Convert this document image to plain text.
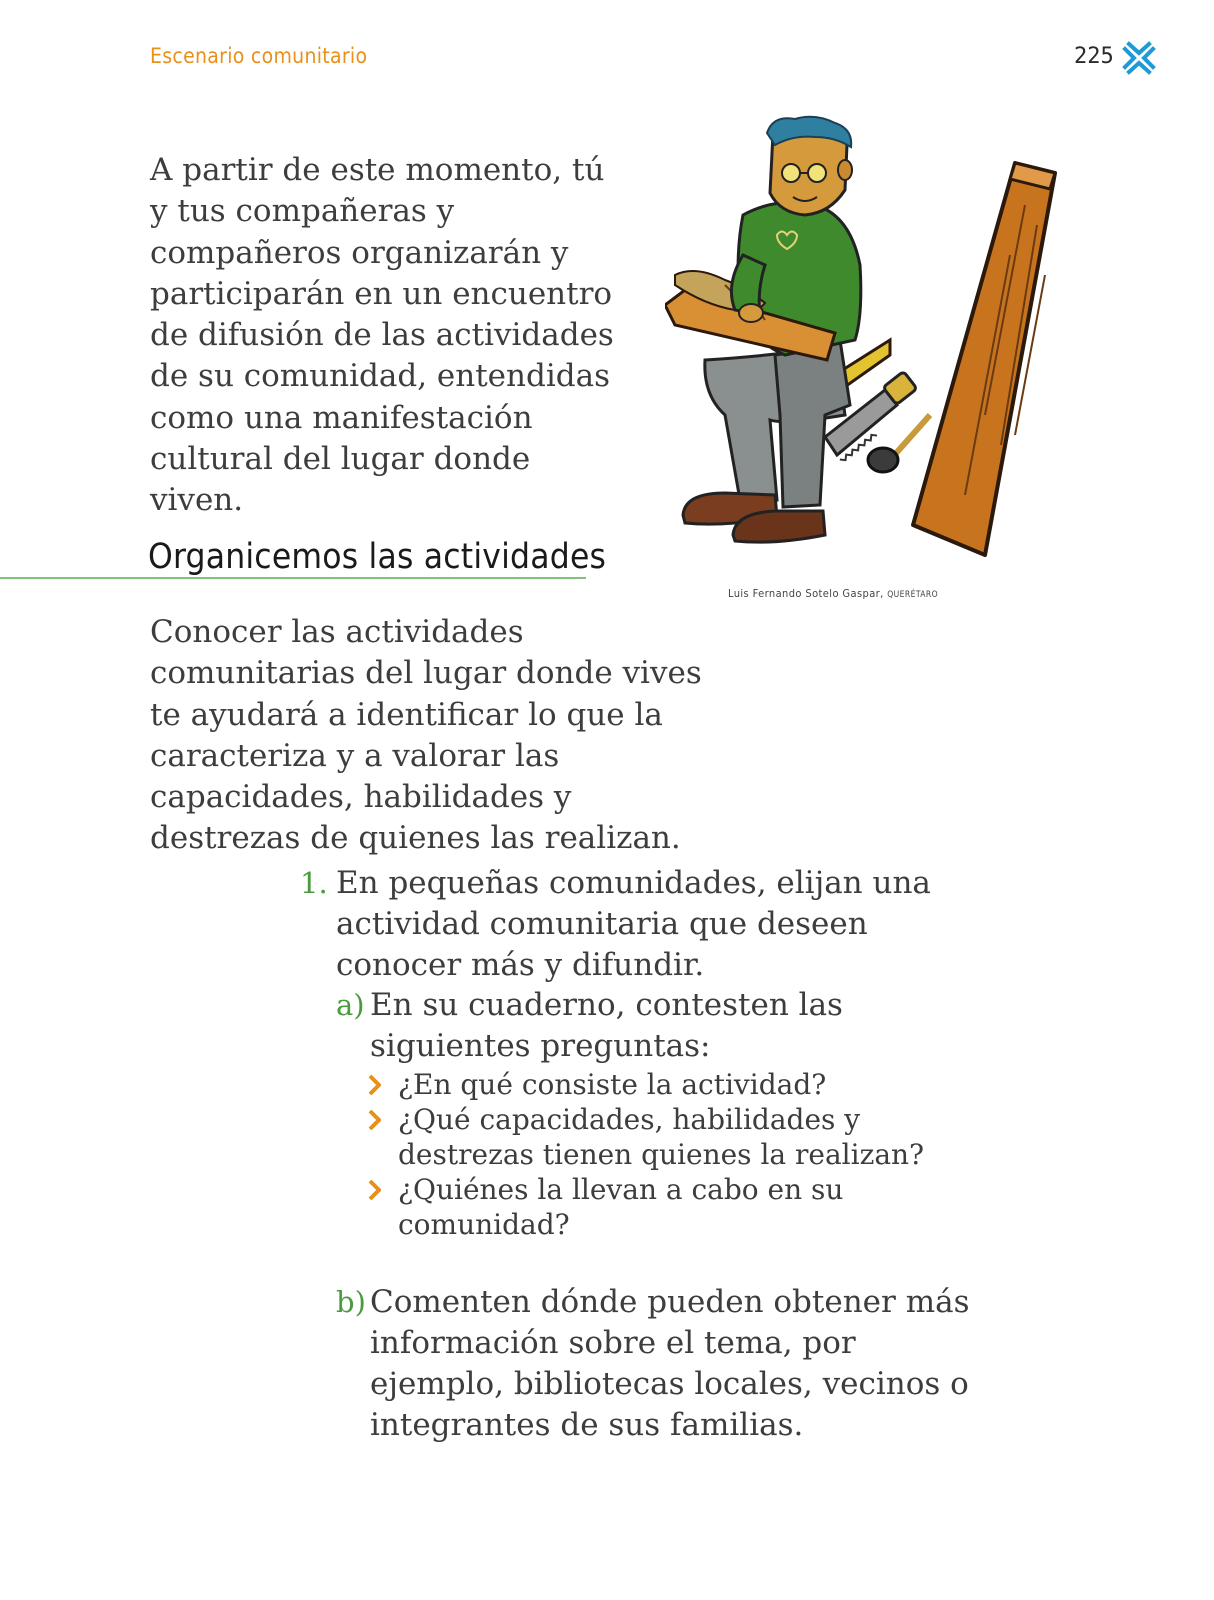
Escenario comunitario	225

A partir de este momento, tú y tus compañeras y compañeros organizarán y participarán en un encuentro de difusión de las actividades de su comunidad, entendidas como una manifestación cultural del lugar donde viven.

Luis Fernando Sotelo Gaspar, QUERÉTARO
Organicemos las actividades

Conocer las actividades comunitarias del lugar donde vives te ayudará a identificar lo que la caracteriza y a valorar las capacidades, habilidades y destrezas de quienes las realizan.

1. En pequeñas comunidades, elijan una actividad comunitaria que deseen conocer más y difundir.

a) En su cuaderno, contesten las siguientes preguntas:

¿En qué consiste la actividad?
¿Qué capacidades, habilidades y destrezas tienen quienes la realizan?
¿Quiénes la llevan a cabo en su comunidad?
b) Comenten dónde pueden obtener más información sobre el tema, por ejemplo, bibliotecas locales, vecinos o integrantes de sus familias.
